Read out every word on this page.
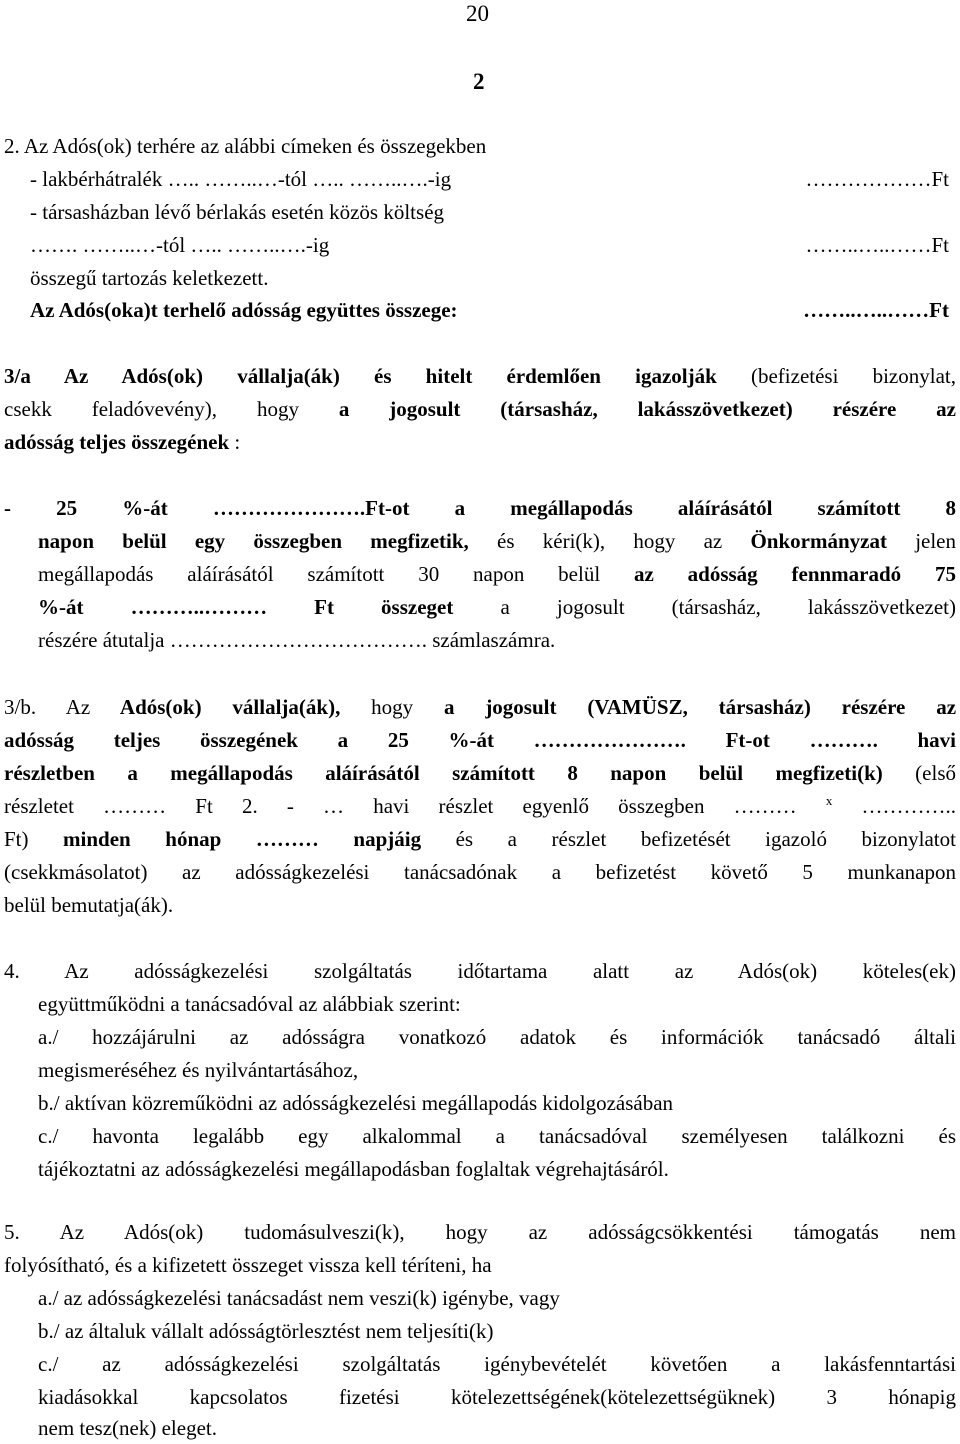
20
2
2. Az Adós(ok) terhére az alábbi címeken és összegekben
- lakbérhátralék ….. ……..…-tól ….. ……..….-ig	………………Ft
- társasházban lévő bérlakás esetén közös költség
……. ……..…-tól ….. ……..….-ig	……..…..……Ft
összegű tartozás keletkezett.
Az Adós(oka)t terhelő adósság együttes összege:	……..…..……Ft
3/a Az Adós(ok) vállalja(ák) és hitelt érdemlően igazolják (befizetési bizonylat,
csekk feladóvevény), hogy a jogosult (társasház, lakásszövetkezet) részére az
adósság teljes összegének :
- 25 %-át ………………….Ft-ot a megállapodás aláírásától számított 8
napon belül egy összegben megfizetik, és kéri(k), hogy az Önkormányzat jelen
megállapodás aláírásától számított 30 napon belül az adósság fennmaradó 75
%-át ………..……… Ft összeget a jogosult (társasház, lakásszövetkezet)
részére átutalja ………………………………. számlaszámra.
3/b. Az Adós(ok) vállalja(ák), hogy a jogosult (VAMÜSZ, társasház) részére az
adósság teljes összegének a 25 %-át …………………. Ft-ot ………. havi
részletben a megállapodás aláírásától számított 8 napon belül megfizeti(k) (első
részletet ……… Ft 2. - … havi részlet egyenlő összegben ……… $^x$ …………..
Ft) minden hónap ……… napjáig és a részlet befizetését igazoló bizonylatot
(csekkmásolatot) az adósságkezelési tanácsadónak a befizetést követő 5 munkanapon
belül bemutatja(ák).
4. Az adósságkezelési szolgáltatás időtartama alatt az Adós(ok) köteles(ek)
együttműködni a tanácsadóval az alábbiak szerint:
a./ hozzájárulni az adósságra vonatkozó adatok és információk tanácsadó általi
megismeréséhez és nyilvántartásához,
b./ aktívan közreműködni az adósságkezelési megállapodás kidolgozásában
c./ havonta legalább egy alkalommal a tanácsadóval személyesen találkozni és
tájékoztatni az adósságkezelési megállapodásban foglaltak végrehajtásáról.
5. Az Adós(ok) tudomásulveszi(k), hogy az adósságcsökkentési támogatás nem
folyósítható, és a kifizetett összeget vissza kell téríteni, ha
a./ az adósságkezelési tanácsadást nem veszi(k) igénybe, vagy
b./ az általuk vállalt adósságtörlesztést nem teljesíti(k)
c./ az adósságkezelési szolgáltatás igénybevételét követően a lakásfenntartási
kiadásokkal kapcsolatos fizetési kötelezettségének(kötelezettségüknek) 3 hónapig
nem tesz(nek) eleget.
